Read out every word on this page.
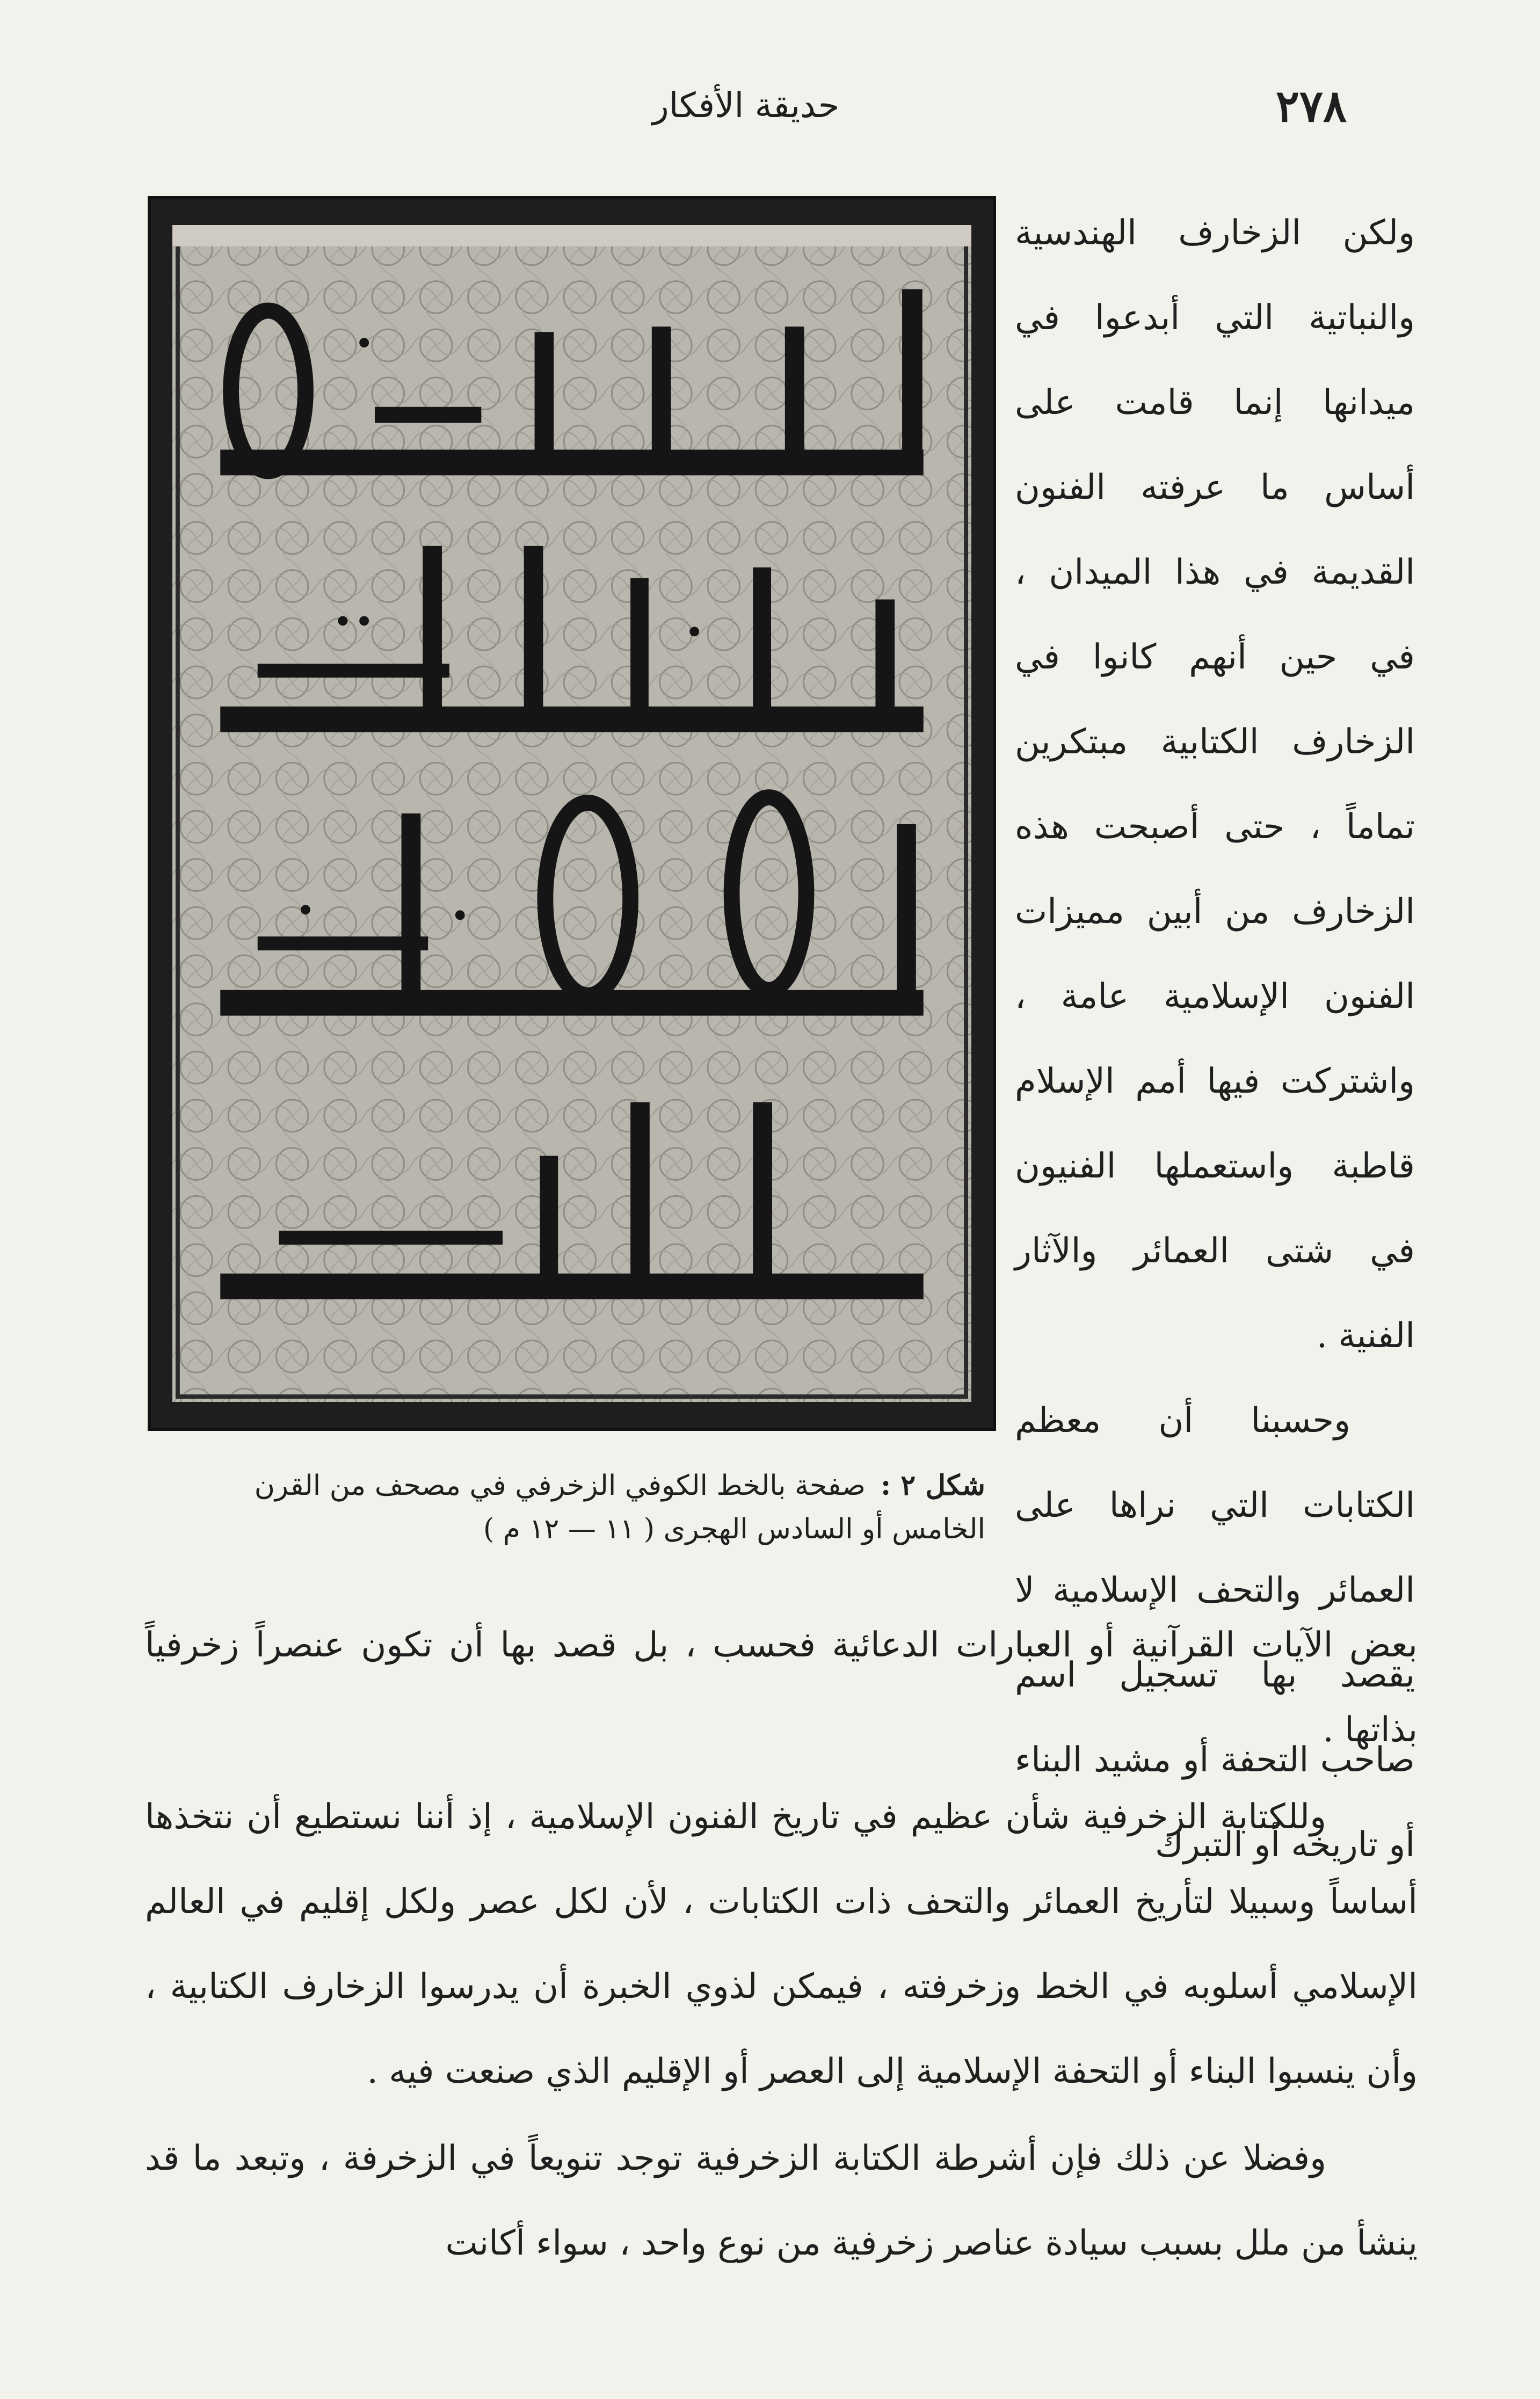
٢٧٨
حديقة الأفكار
شكل ٢ :صفحة بالخط الكوفي الزخرفي في مصحف من القرن الخامس أو السادس الهجرى ( ١١ — ١٢ م )

ولكن الزخارف الهندسية والنباتية التي أبدعوا في ميدانها إنما قامت على أساس ما عرفته الفنون القديمة في هذا الميدان ، في حين أنهم كانوا في الزخارف الكتابية مبتكرين تماماً ، حتى أصبحت هذه الزخارف من أبين مميزات الفنون الإسلامية عامة ، واشتركت فيها أمم الإسلام قاطبة واستعملها الفنيون في شتى العمائر والآثار الفنية .

وحسبنا أن معظم الكتابات التي نراها على العمائر والتحف الإسلامية لا يقصد بها تسجيل اسم صاحب التحفة أو مشيد البناء أو تاريخه أو التبرك

بعض الآيات القرآنية أو العبارات الدعائية فحسب ، بل قصد بها أن تكون عنصراً زخرفياً بذاتها .

وللكتابة الزخرفية شأن عظيم في تاريخ الفنون الإسلامية ، إذ أننا نستطيع أن نتخذها أساساً وسبيلا لتأريخ العمائر والتحف ذات الكتابات ، لأن لكل عصر ولكل إقليم في العالم الإسلامي أسلوبه في الخط وزخرفته ، فيمكن لذوي الخبرة أن يدرسوا الزخارف الكتابية ، وأن ينسبوا البناء أو التحفة الإسلامية إلى العصر أو الإقليم الذي صنعت فيه .

وفضلا عن ذلك فإن أشرطة الكتابة الزخرفية توجد تنويعاً في الزخرفة ، وتبعد ما قد ينشأ من ملل بسبب سيادة عناصر زخرفية من نوع واحد ، سواء أكانت
